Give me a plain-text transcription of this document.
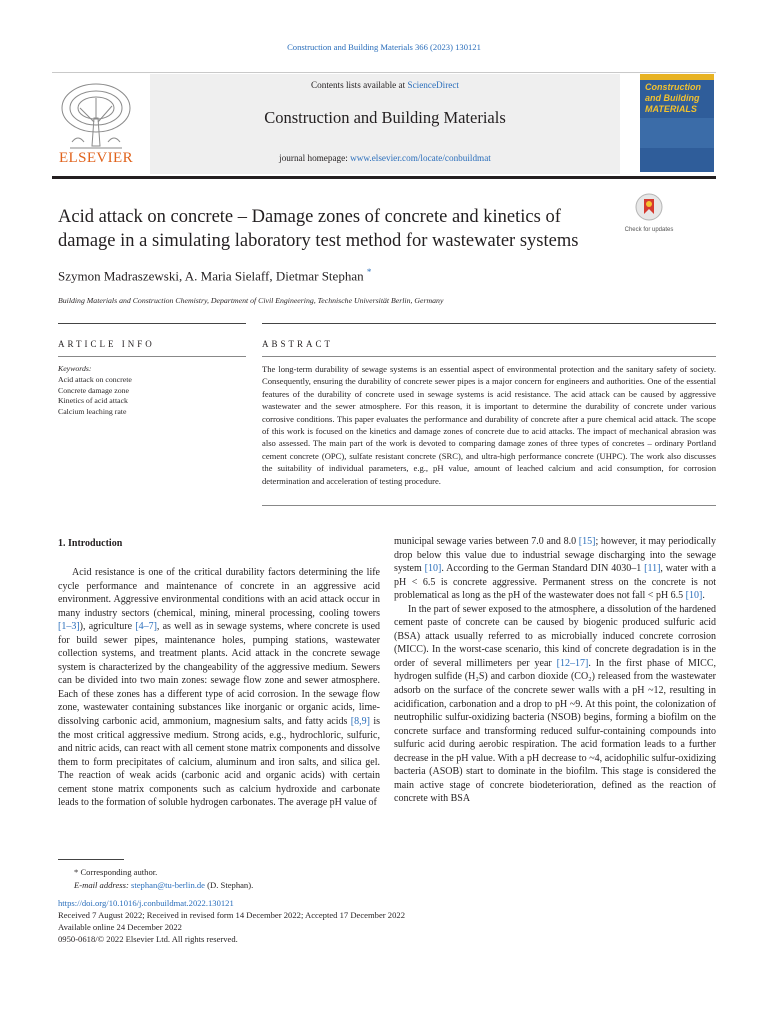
Construction and Building Materials 366 (2023) 130121
Contents lists available at ScienceDirect
Construction and Building Materials
journal homepage: www.elsevier.com/locate/conbuildmat
ELSEVIER
Construction and Building MATERIALS
Acid attack on concrete – Damage zones of concrete and kinetics of damage in a simulating laboratory test method for wastewater systems
Check for updates
Szymon Madraszewski, A. Maria Sielaff, Dietmar Stephan *
Building Materials and Construction Chemistry, Department of Civil Engineering, Technische Universität Berlin, Germany
ARTICLE INFO	ABSTRACT
Keywords:
Acid attack on concrete
Concrete damage zone
Kinetics of acid attack
Calcium leaching rate
The long-term durability of sewage systems is an essential aspect of environmental protection and the sanitary safety of society. Consequently, ensuring the durability of concrete sewer pipes is a major concern for engineers and authorities. One of the essential features of the durability of concrete used in sewage systems is acid resistance. The acid attack can be caused by aggressive wastewater and the sewer atmosphere. For this reason, it is important to determine the durability of concrete under various corrosive conditions. This paper evaluates the performance and durability of concrete after a pure chemical acid attack. The scope of this work is focused on the kinetics and damage zones of concrete due to acid attacks. The impact of mechanical abrasion was also assessed. The main part of the work is devoted to comparing damage zones of three types of concretes – ordinary Portland cement concrete (OPC), sulfate resistant concrete (SRC), and ultra-high performance concrete (UHPC). The work also discusses the suitability of individual parameters, e.g., pH value, amount of leached calcium and acid consumption, for corrosion determination and acceleration of testing procedure.
1. Introduction
Acid resistance is one of the critical durability factors determining the life cycle performance and maintenance of concrete in an aggressive acid environment. Aggressive environmental conditions with an acid attack occur in many industry sectors (chemical, mining, mineral processing, cooling towers [1–3]), agriculture [4–7], as well as in sewage systems, where concrete is used for build sewer pipes, maintenance holes, pumping stations, wastewater collection systems, and treatment plants. Acid attack in the concrete sewage system is characterized by the changeability of the aggressive medium. Sewers can be divided into two main zones: sewage flow zone and sewer atmosphere. Each of these zones has a different type of acid corrosion. In the sewage flow zone, wastewater containing substances like inorganic or organic acids, lime-dissolving carbonic acid, ammonium, magnesium salts, and fatty acids [8,9] is the most critical aggressive medium. Strong acids, e.g., hydrochloric, sulfuric, and nitric acids, can react with all cement stone matrix components and dissolve them to form precipitates of calcium, aluminum and iron salts, and silica gel. The reaction of weak acids (carbonic acid and organic acids) with certain cement stone matrix components such as calcium hydroxide and carbonate leads to the formation of soluble hydrogen carbonates. The average pH value of
municipal sewage varies between 7.0 and 8.0 [15]; however, it may periodically drop below this value due to industrial sewage discharging into the sewage system [10]. According to the German Standard DIN 4030–1 [11], water with a pH < 6.5 is concrete aggressive. Permanent stress on the concrete is not problematical as long as the pH of the wastewater does not fall < pH 6.5 [10].
In the part of sewer exposed to the atmosphere, a dissolution of the hardened cement paste of concrete can be caused by biogenic produced sulfuric acid (BSA) attack usually referred to as microbially induced concrete corrosion (MICC). In the worst-case scenario, this kind of concrete degradation is in the order of several millimeters per year [12–17]. In the first phase of MICC, hydrogen sulfide (H₂S) and carbon dioxide (CO₂) released from the wastewater adsorb on the surface of the concrete sewer walls with a pH ~12, resulting in acidification, carbonation and a drop to pH ~9. At this point, the colonization of neutrophilic sulfur-oxidizing bacteria (NSOB) begins, forming a biofilm on the concrete surface and transforming reduced sulfur-containing compounds into sulfuric acid during aerobic respiration. The acid formation leads to a further decrease in the pH value. With a pH decrease to ~4, acidophilic sulfur-oxidizing bacteria (ASOB) start to dominate in the biofilm. This stage is considered the main active stage of concrete biodeterioration, defined as the reaction of concrete with BSA
* Corresponding author.
E-mail address: stephan@tu-berlin.de (D. Stephan).
https://doi.org/10.1016/j.conbuildmat.2022.130121
Received 7 August 2022; Received in revised form 14 December 2022; Accepted 17 December 2022
Available online 24 December 2022
0950-0618/© 2022 Elsevier Ltd. All rights reserved.
